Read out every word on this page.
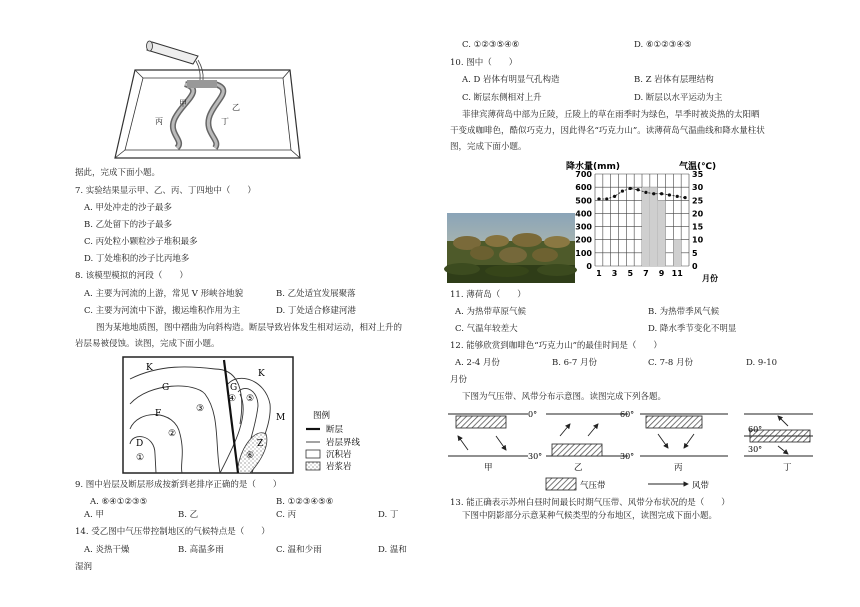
甲	乙
丙	丁
据此，完成下面小题。
7. 实验结果显示甲、乙、丙、丁四地中（　　）
A. 甲处冲走的沙子最多
B. 乙处留下的沙子最多
C. 丙处粒小颗粒沙子堆积最多
D. 丁处堆积的沙子比丙地多
8. 该模型模拟的河段（　　）
A. 主要为河流的上游，常见 V 形峡谷地貌	B. 乙处适宜发展聚落
C. 主要为河流中下游，搬运堆积作用为主	D. 丁处适合修建河港
图为某地地质图，图中褶曲为向斜构造。断层导致岩体发生相对运动，相对上升的
岩层易被侵蚀。读图，完成下面小题。
K
K
G	G
F
D
M
Z
①
②
③
④ ⑤
⑥
图例
断层
岩层界线
沉积岩
岩浆岩
9. 图中岩层及断层形成按新到老排序正确的是（　　）
A. ⑥④①②③⑤	B. ①②③④⑤⑥
A. 甲	B. 乙	C. 丙	D. 丁
14. 受乙图中气压带控制地区的气候特点是（　　）
A. 炎热干燥	B. 高温多雨	C. 温和少雨	D. 温和
湿润
C. ①②③⑤④⑥	D. ⑥①②③④⑤
10. 图中（　　）
A. D 岩体有明显气孔构造	B. Z 岩体有层理结构
C. 断层东侧相对上升	D. 断层以水平运动为主
菲律宾薄荷岛中部为丘陵，丘陵上的草在雨季时为绿色，旱季时被炎热的太阳晒
干变成咖啡色，酷似巧克力，因此得名“巧克力山”。读薄荷岛气温曲线和降水量柱状
图，完成下面小题。
降水量(mm)	气温(℃)
月份
700
600
500
400
300
200
100
0
35
30
25
20
15
10
5
0
1 3 5 7 9 11
11. 薄荷岛（　　）
A. 为热带草原气候	B. 为热带季风气候
C. 气温年较差大	D. 降水季节变化不明显
12. 能够欣赏到咖啡色“巧克力山”的最佳时间是（　　）
A. 2-4 月份	B. 6-7 月份	C. 7-8 月份	D. 9-10
月份
下图为气压带、风带分布示意图。读图完成下列各题。
0°
30°
甲
60°
30°
乙	丙
60°
30°
丁
气压带	风带
13. 能正确表示苏州白昼时间最长时期气压带、风带分布状况的是（　　）
下图中阴影部分示意某种气候类型的分布地区，读图完成下面小题。
